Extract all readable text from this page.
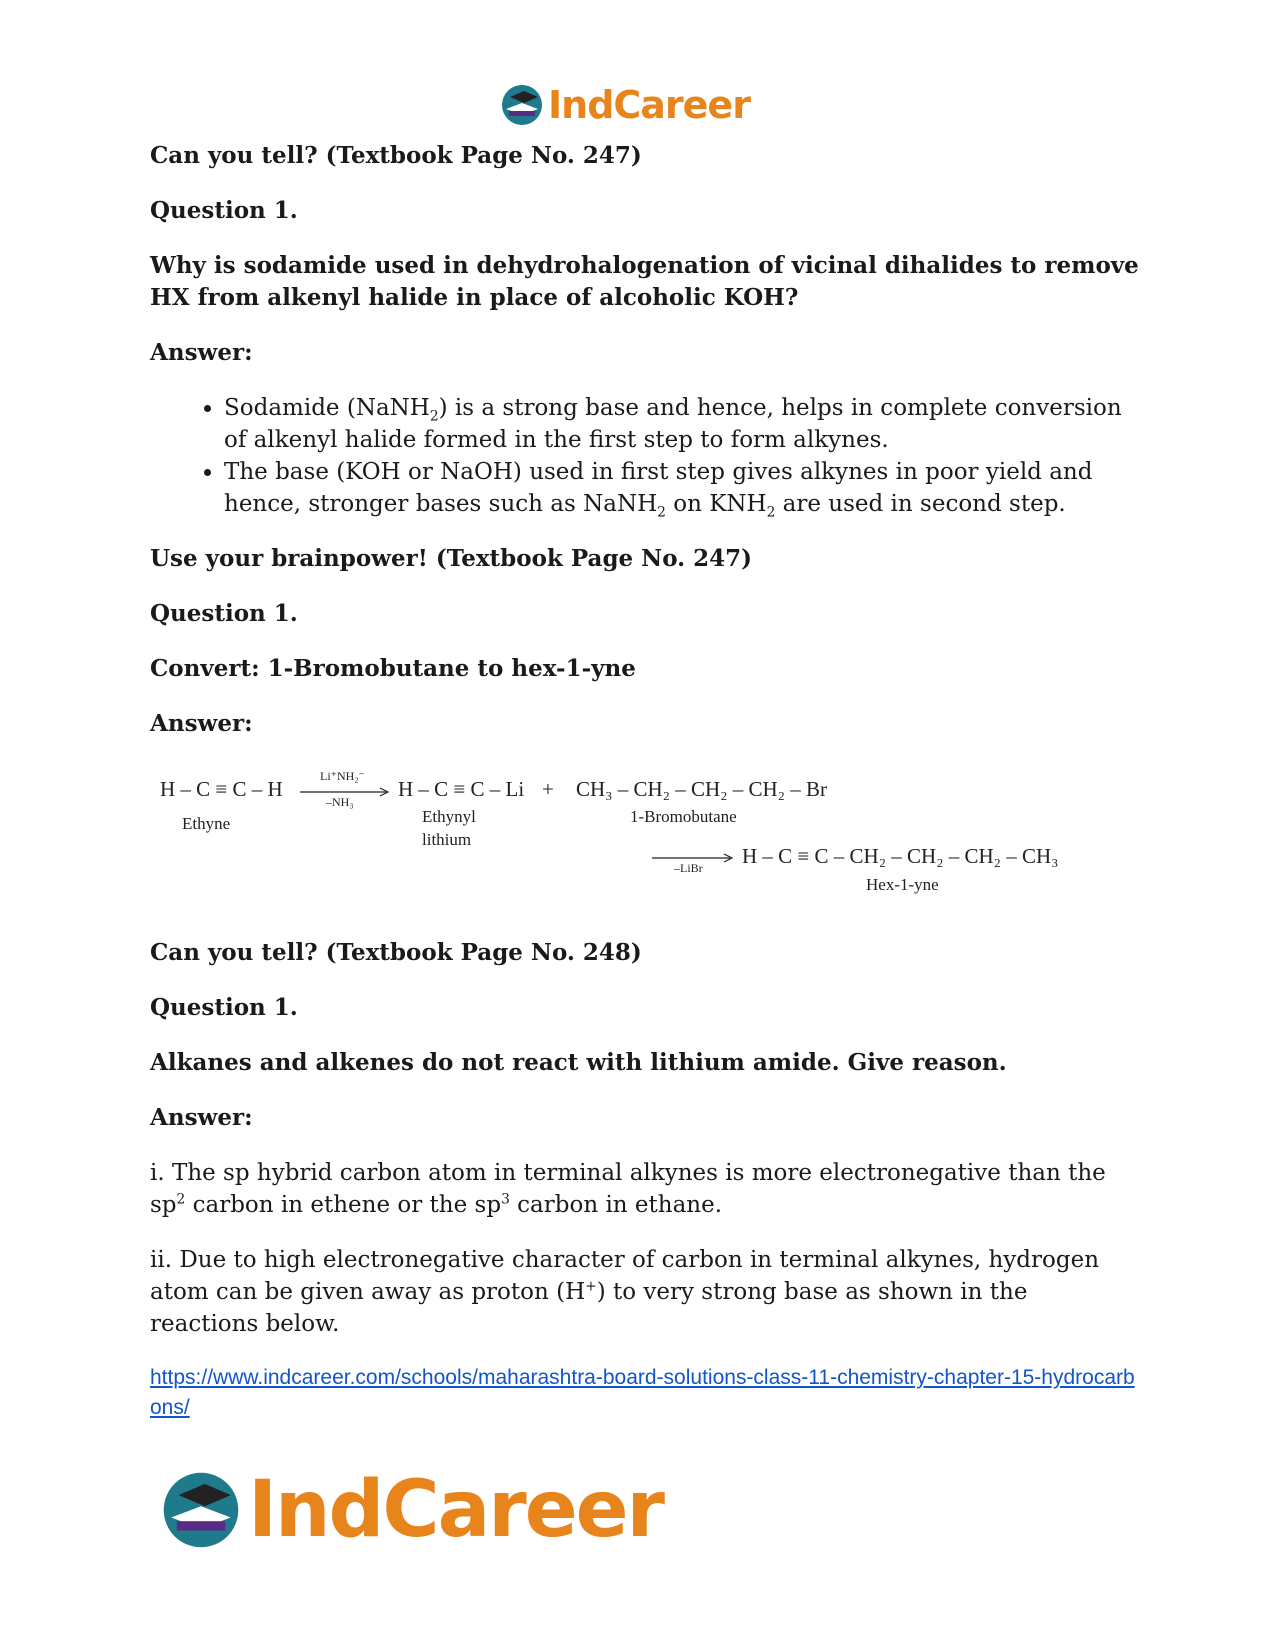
IndCareer

Can you tell? (Textbook Page No. 247)

Question 1.

Why is sodamide used in dehydrohalogenation of vicinal dihalides to remove HX from alkenyl halide in place of alcoholic KOH?

Answer:

• Sodamide (NaNH$_2$) is a strong base and hence, helps in complete conversion of alkenyl halide formed in the first step to form alkynes.
• The base (KOH or NaOH) used in first step gives alkynes in poor yield and hence, stronger bases such as NaNH$_2$ on $KNH_2$ are used in second step.

Use your brainpower! (Textbook Page No. 247)

Question 1.

Convert: 1-Bromobutane to hex-1-yne

Answer:

H – C ≡ C – H
Ethyne
Li⁺NH₂⁻
–NH₃
H – C ≡ C – Li +
Ethynyl
lithium
CH₃ – CH₂ – CH₂ – CH₂ – Br
1-Bromobutane
–LiBr H – C ≡ C – CH₂ – CH₂ – CH₂ – CH₃
Hex-1-yne

Can you tell? (Textbook Page No. 248)

Question 1.

Alkanes and alkenes do not react with lithium amide. Give reason.

Answer:

i. The sp hybrid carbon atom in terminal alkynes is more electronegative than the $sp^2$ carbon in ethene or the $sp^3$ carbon in ethane.

ii. Due to high electronegative character of carbon in terminal alkynes, hydrogen atom can be given away as proton (H+) to very strong base as shown in the reactions below.

https://www.indcareer.com/schools/maharashtra-board-solutions-class-11-chemistry-chapter-15-hydrocarbons/
IndCareer
